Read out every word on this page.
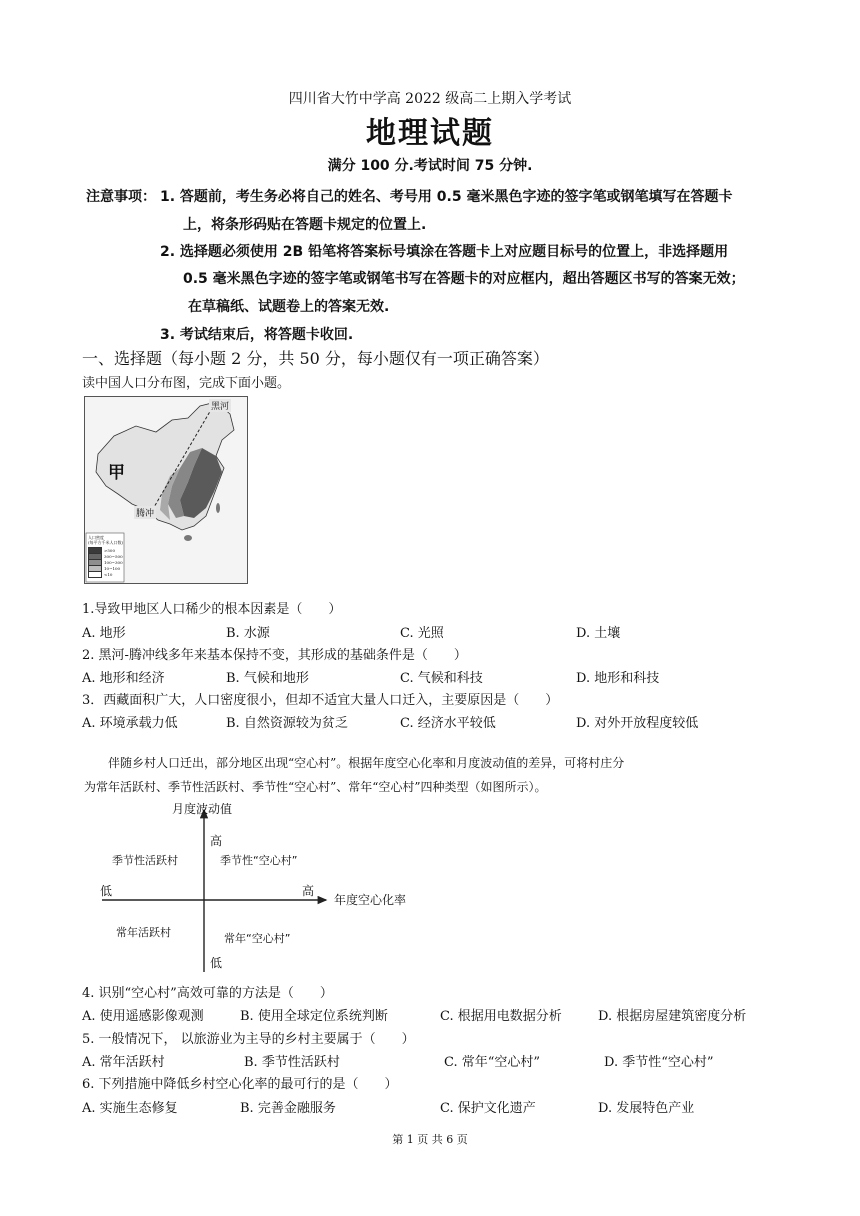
四川省大竹中学高 2022 级高二上期入学考试
地理试题
满分 100 分.考试时间 75 分钟.
注意事项： 1. 答题前，考生务必将自己的姓名、考号用 0.5 毫米黑色字迹的签字笔或钢笔填写在答题卡
上，将条形码贴在答题卡规定的位置上.
2. 选择题必须使用 2B 铅笔将答案标号填涂在答题卡上对应题目标号的位置上，非选择题用
0.5 毫米黑色字迹的签字笔或钢笔书写在答题卡的对应框内，超出答题区书写的答案无效；
在草稿纸、试题卷上的答案无效.
3. 考试结束后，将答题卡收回.
一、选择题（每小题 2 分，共 50 分，每小题仅有一项正确答案）
读中国人口分布图，完成下面小题。
黑河
腾冲
甲
人口密度
(每平方千米人口数)
>500
300~500
100~300
10~100
<10
1.导致甲地区人口稀少的根本因素是（　　）
A. 地形	B. 水源	C. 光照	D. 土壤
2. 黑河-腾冲线多年来基本保持不变，其形成的基础条件是（　　）
A. 地形和经济	B. 气候和地形	C. 气候和科技	D. 地形和科技
3．西藏面积广大，人口密度很小，但却不适宜大量人口迁入，主要原因是（　　）
A. 环境承载力低	B. 自然资源较为贫乏	C. 经济水平较低	D. 对外开放程度较低
伴随乡村人口迁出，部分地区出现“空心村”。根据年度空心化率和月度波动值的差异，可将村庄分
为常年活跃村、季节性活跃村、季节性“空心村”、常年“空心村”四种类型（如图所示）。
月度波动值
年度空心化率
高
低
低	高
季节性活跃村	季节性“空心村”
常年活跃村	常年“空心村”
4. 识别“空心村”高效可靠的方法是（　　）
A. 使用遥感影像观测	B. 使用全球定位系统判断	C. 根据用电数据分析	D. 根据房屋建筑密度分析
5. 一般情况下， 以旅游业为主导的乡村主要属于（　　）
A. 常年活跃村	B. 季节性活跃村	C. 常年“空心村”	D. 季节性“空心村”
6. 下列措施中降低乡村空心化率的最可行的是（　　）
A. 实施生态修复	B. 完善金融服务	C. 保护文化遗产	D. 发展特色产业
第 1 页 共 6 页
